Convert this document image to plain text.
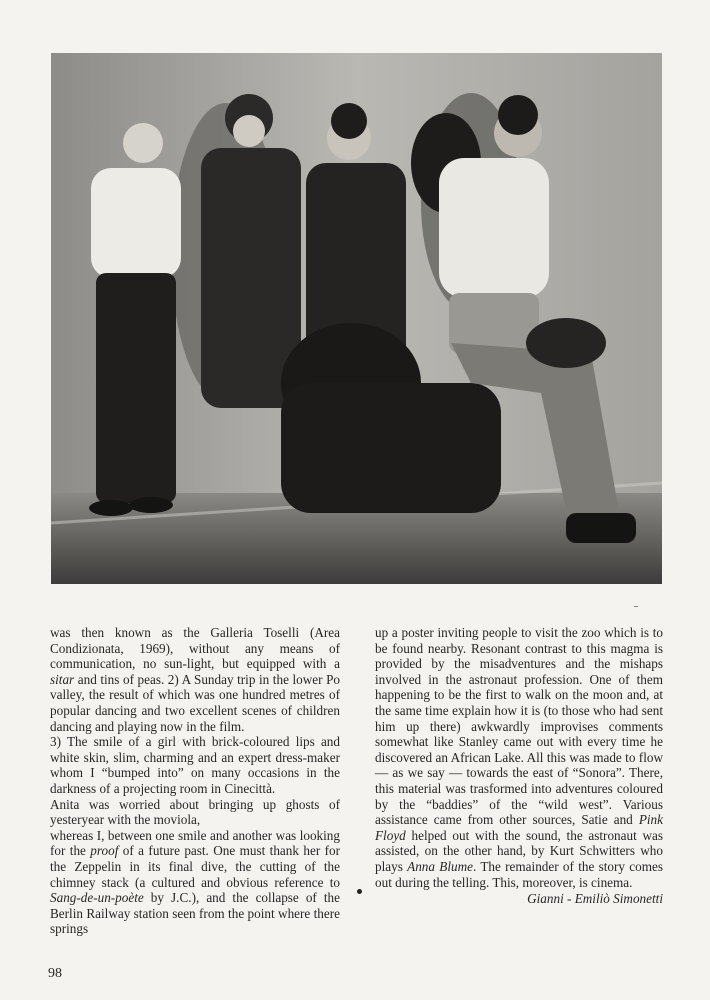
was then known as the Galleria Toselli (Area Condizionata, 1969), without any means of communication, no sun-light, but equipped with a sitar and tins of peas. 2) A Sunday trip in the lower Po valley, the result of which was one hundred metres of popular dancing and two excellent scenes of children dancing and playing now in the film.

3) The smile of a girl with brick-coloured lips and white skin, slim, charming and an expert dress-maker whom I “bumped into” on many occasions in the darkness of a projecting room in Cinecittà.

Anita was worried about bringing up ghosts of yesteryear with the moviola,

whereas I, between one smile and another was looking for the proof of a future past. One must thank her for the Zeppelin in its final dive, the cutting of the chimney stack (a cultured and obvious reference to Sang-de-un-poète by J.C.), and the collapse of the Berlin Railway station seen from the point where there springs

up a poster inviting people to visit the zoo which is to be found nearby. Resonant contrast to this magma is provided by the misadventures and the mishaps involved in the astronaut profession. One of them happening to be the first to walk on the moon and, at the same time explain how it is (to those who had sent him up there) awkwardly improvises comments somewhat like Stanley came out with every time he discovered an African Lake. All this was made to flow — as we say — towards the east of “Sonora”. There, this material was trasformed into adventures coloured by the “baddies” of the “wild west”. Various assistance came from other sources, Satie and Pink Floyd helped out with the sound, the astronaut was assisted, on the other hand, by Kurt Schwitters who plays Anna Blume. The remainder of the story comes out during the telling. This, moreover, is cinema.

Gianni - Emiliò Simonetti

98
